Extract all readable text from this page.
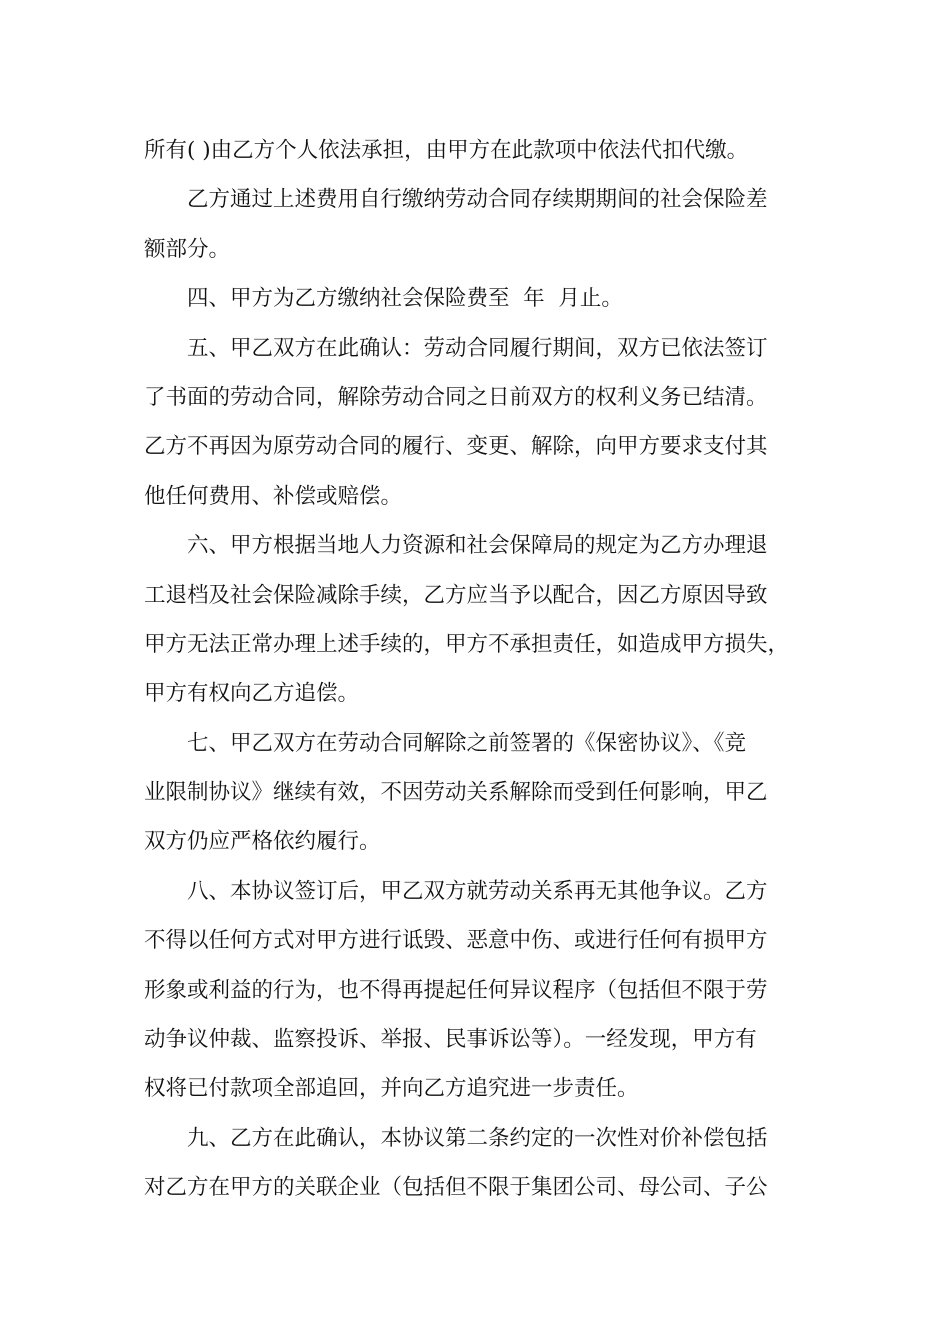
所有( )由乙方个人依法承担，由甲方在此款项中依法代扣代缴。
乙方通过上述费用自行缴纳劳动合同存续期期间的社会保险差
额部分。
四、甲方为乙方缴纳社会保险费至  年  月止。
五、甲乙双方在此确认：劳动合同履行期间，双方已依法签订
了书面的劳动合同，解除劳动合同之日前双方的权利义务已结清。
乙方不再因为原劳动合同的履行、变更、解除，向甲方要求支付其
他任何费用、补偿或赔偿。
六、甲方根据当地人力资源和社会保障局的规定为乙方办理退
工退档及社会保险减除手续，乙方应当予以配合，因乙方原因导致
甲方无法正常办理上述手续的，甲方不承担责任，如造成甲方损失，
甲方有权向乙方追偿。
七、甲乙双方在劳动合同解除之前签署的《保密协议》、《竞
业限制协议》继续有效，不因劳动关系解除而受到任何影响，甲乙
双方仍应严格依约履行。
八、本协议签订后，甲乙双方就劳动关系再无其他争议。乙方
不得以任何方式对甲方进行诋毁、恶意中伤、或进行任何有损甲方
形象或利益的行为，也不得再提起任何异议程序（包括但不限于劳
动争议仲裁、监察投诉、举报、民事诉讼等）。一经发现，甲方有
权将已付款项全部追回，并向乙方追究进一步责任。
九、乙方在此确认，本协议第二条约定的一次性对价补偿包括
对乙方在甲方的关联企业（包括但不限于集团公司、母公司、子公
